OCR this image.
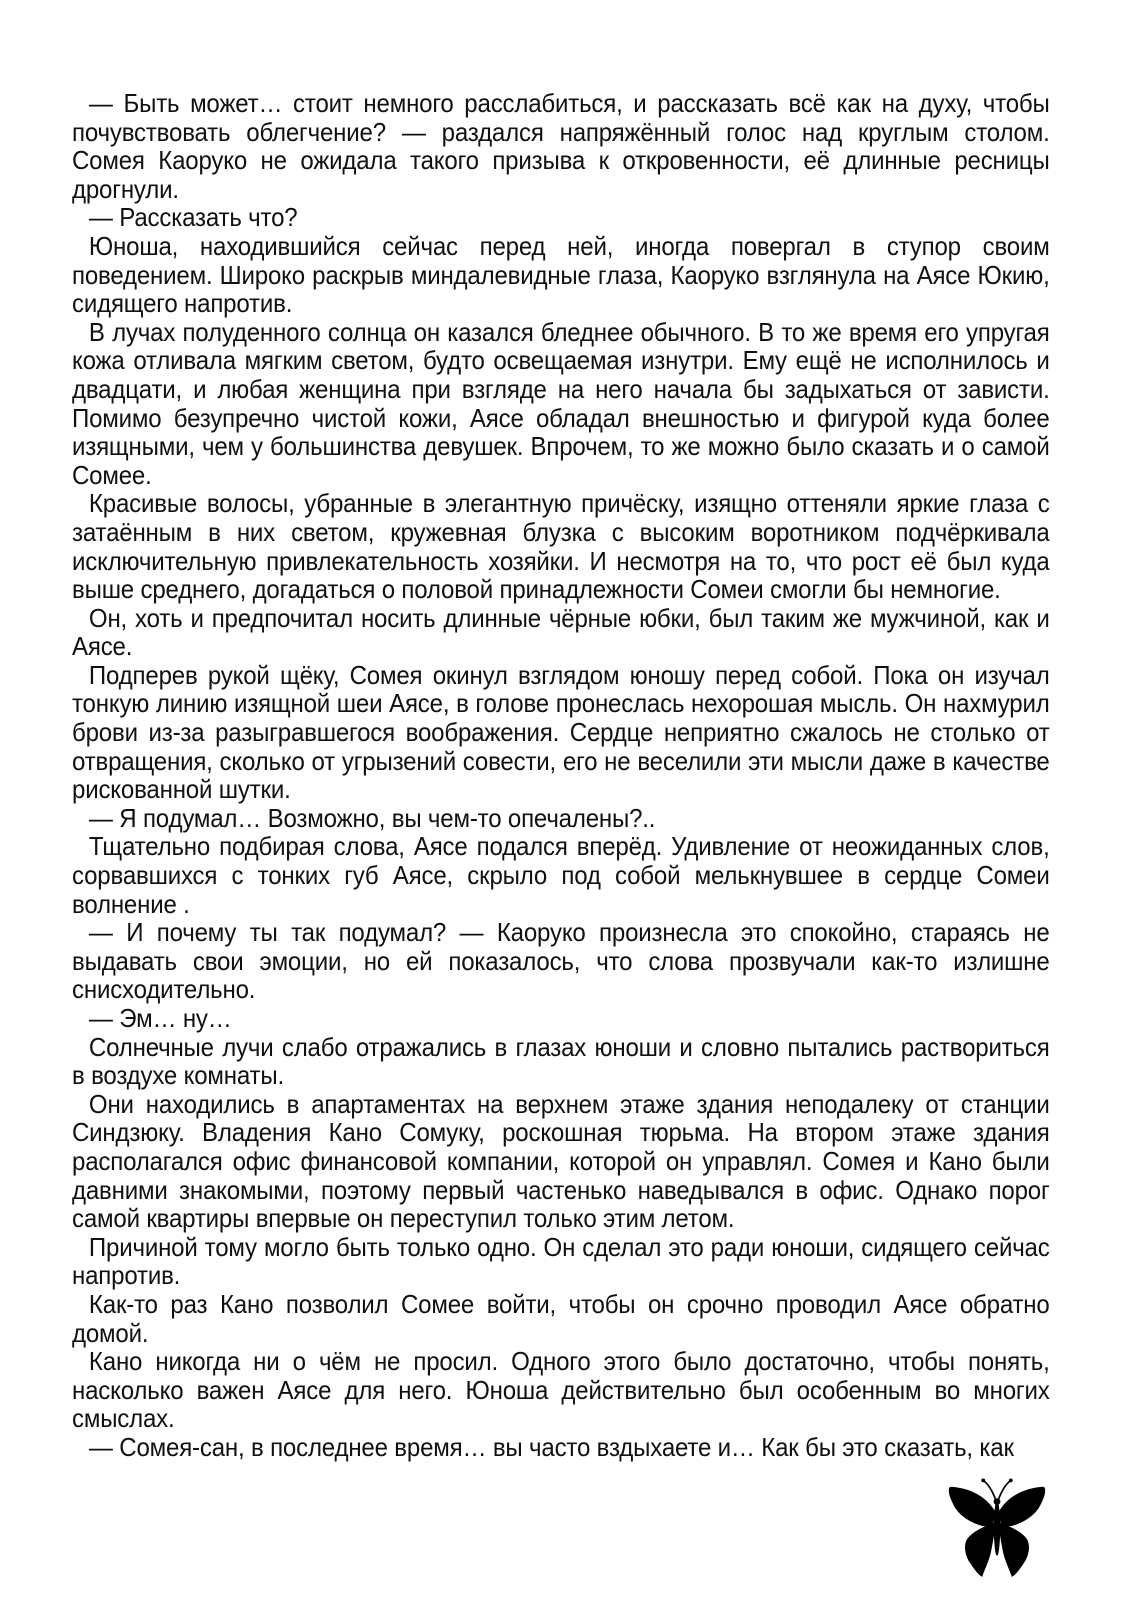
— Быть может… стоит немного расслабиться, и рассказать всё как на духу, чтобы почувствовать облегчение? — раздался напряжённый голос над круглым столом. Сомея Каоруко не ожидала такого призыва к откровенности, её длинные ресницы дрогнули.

— Рассказать что?

Юноша, находившийся сейчас перед ней, иногда повергал в ступор своим поведением. Широко раскрыв миндалевидные глаза, Каоруко взглянула на Аясе Юкию, сидящего напротив.

В лучах полуденного солнца он казался бледнее обычного. В то же время его упругая кожа отливала мягким светом, будто освещаемая изнутри. Ему ещё не исполнилось и двадцати, и любая женщина при взгляде на него начала бы задыхаться от зависти. Помимо безупречно чистой кожи, Аясе обладал внешностью и фигурой куда более изящными, чем у большинства девушек. Впрочем, то же можно было сказать и о самой Сомее.

Красивые волосы, убранные в элегантную причёску, изящно оттеняли яркие глаза с затаённым в них светом, кружевная блузка с высоким воротником подчёркивала исключительную привлекательность хозяйки. И несмотря на то, что рост её был куда выше среднего, догадаться о половой принадлежности Сомеи смогли бы немногие.

Он, хоть и предпочитал носить длинные чёрные юбки, был таким же мужчиной, как и Аясе.

Подперев рукой щёку, Сомея окинул взглядом юношу перед собой. Пока он изучал тонкую линию изящной шеи Аясе, в голове пронеслась нехорошая мысль. Он нахмурил брови из-за разыгравшегося воображения. Сердце неприятно сжалось не столько от отвращения, сколько от угрызений совести, его не веселили эти мысли даже в качестве рискованной шутки.

— Я подумал… Возможно, вы чем-то опечалены?..

Тщательно подбирая слова, Аясе подался вперёд. Удивление от неожиданных слов, сорвавшихся с тонких губ Аясе, скрыло под собой мелькнувшее в сердце Сомеи волнение .

— И почему ты так подумал? — Каоруко произнесла это спокойно, стараясь не выдавать свои эмоции, но ей показалось, что слова прозвучали как-то излишне снисходительно.

— Эм… ну…

Солнечные лучи слабо отражались в глазах юноши и словно пытались раствориться в воздухе комнаты.

Они находились в апартаментах на верхнем этаже здания неподалеку от станции Синдзюку. Владения Кано Сомуку, роскошная тюрьма. На втором этаже здания располагался офис финансовой компании, которой он управлял. Сомея и Кано были давними знакомыми, поэтому первый частенько наведывался в офис. Однако порог самой квартиры впервые он переступил только этим летом.

Причиной тому могло быть только одно. Он сделал это ради юноши, сидящего сейчас напротив.

Как-то раз Кано позволил Сомее войти, чтобы он срочно проводил Аясе обратно домой.

Кано никогда ни о чём не просил. Одного этого было достаточно, чтобы понять, насколько важен Аясе для него. Юноша действительно был особенным во многих смыслах.

— Сомея-сан, в последнее время… вы часто вздыхаете и… Как бы это сказать, как
